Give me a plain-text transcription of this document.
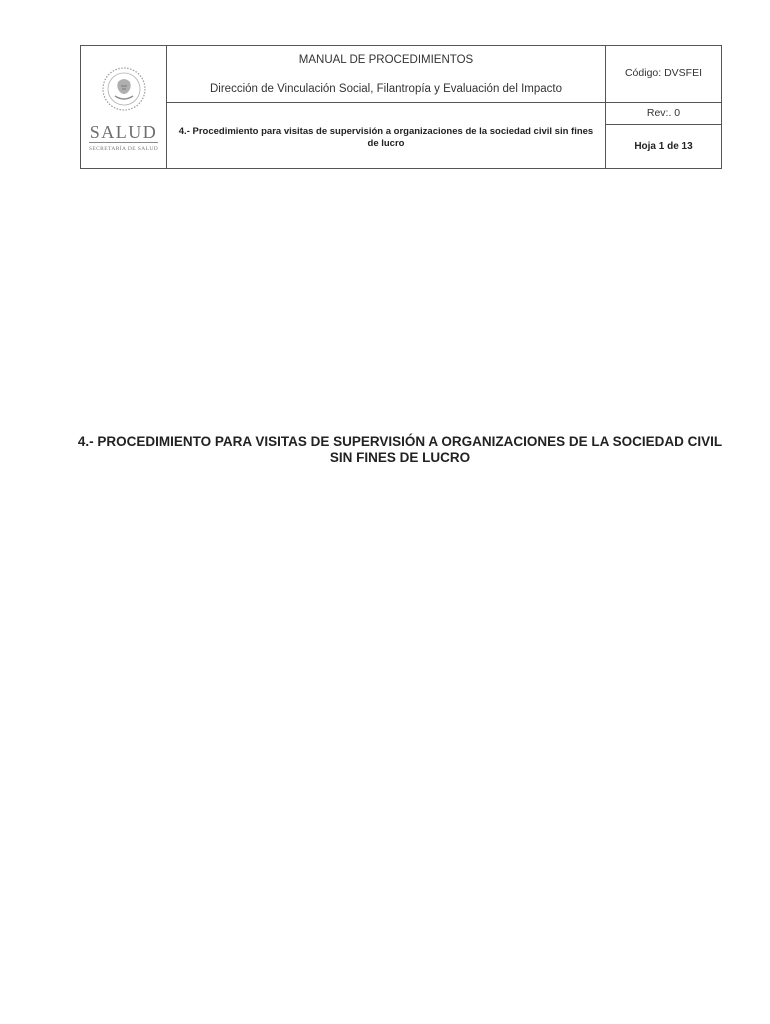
SALUD
SECRETARÍA DE SALUD
MANUAL DE PROCEDIMIENTOS
Dirección de Vinculación Social, Filantropía y Evaluación del Impacto
4.- Procedimiento para visitas de supervisión a organizaciones de la sociedad civil sin fines de lucro
Código: DVSFEI
Rev:. 0
Hoja 1 de 13
4.- PROCEDIMIENTO PARA VISITAS DE SUPERVISIÓN A ORGANIZACIONES DE LA SOCIEDAD CIVIL SIN FINES DE LUCRO
